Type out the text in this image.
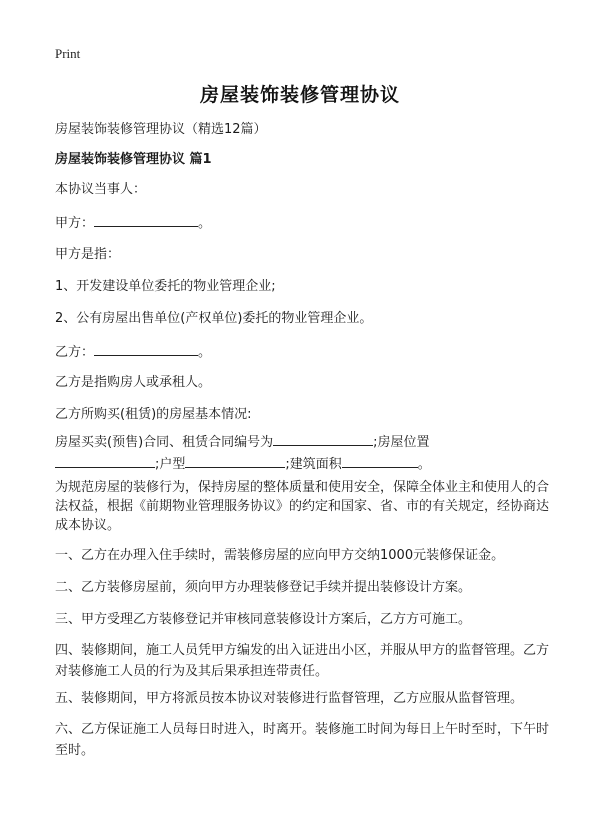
Print
房屋装饰装修管理协议
房屋装饰装修管理协议（精选12篇）
房屋装饰装修管理协议 篇1
本协议当事人：
甲方：	。
甲方是指：
1、开发建设单位委托的物业管理企业;
2、公有房屋出售单位(产权单位)委托的物业管理企业。
乙方：	。
乙方是指购房人或承租人。
乙方所购买(租赁)的房屋基本情况:
房屋买卖(预售)合同、租赁合同编号为	;房屋位置
;户型	;建筑面积	。
为规范房屋的装修行为，保持房屋的整体质量和使用安全，保障全体业主和使用人的合法权益，根据《前期物业管理服务协议》的约定和国家、省、市的有关规定，经协商达成本协议。
一、乙方在办理入住手续时，需装修房屋的应向甲方交纳1000元装修保证金。
二、乙方装修房屋前，须向甲方办理装修登记手续并提出装修设计方案。
三、甲方受理乙方装修登记并审核同意装修设计方案后，乙方方可施工。
四、装修期间，施工人员凭甲方编发的出入证进出小区，并服从甲方的监督管理。乙方对装修施工人员的行为及其后果承担连带责任。
五、装修期间，甲方将派员按本协议对装修进行监督管理，乙方应服从监督管理。
六、乙方保证施工人员每日时进入，时离开。装修施工时间为每日上午时至时，下午时至时。
